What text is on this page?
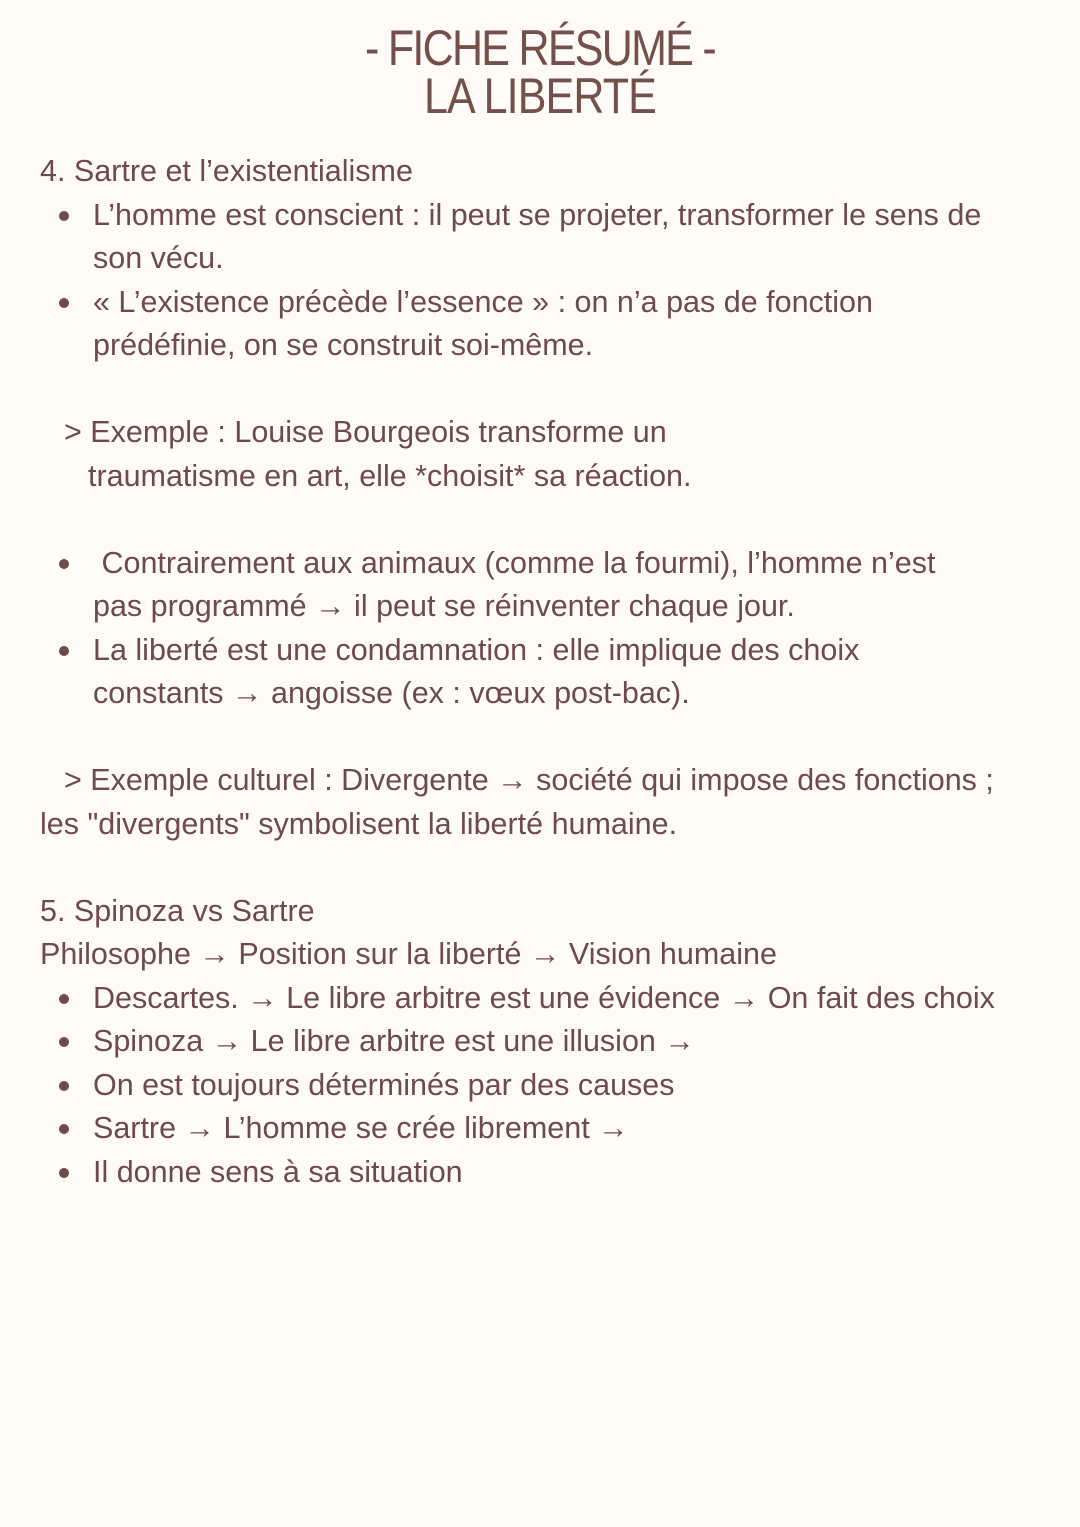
- FICHE RÉSUMÉ -
LA LIBERTÉ
4. Sartre et l’existentialisme
L’homme est conscient : il peut se projeter, transformer le sens de
son vécu.
« L’existence précède l’essence » : on n’a pas de fonction
prédéfinie, on se construit soi-même.
> Exemple : Louise Bourgeois transforme un
traumatisme en art, elle *choisit* sa réaction.
Contrairement aux animaux (comme la fourmi), l’homme n’est
pas programmé → il peut se réinventer chaque jour.
La liberté est une condamnation : elle implique des choix
constants → angoisse (ex : vœux post-bac).
> Exemple culturel : Divergente → société qui impose des fonctions ;
les "divergents" symbolisent la liberté humaine.
5. Spinoza vs Sartre
Philosophe → Position sur la liberté → Vision humaine
Descartes. → Le libre arbitre est une évidence → On fait des choix
Spinoza → Le libre arbitre est une illusion →
On est toujours déterminés par des causes
Sartre → L’homme se crée librement →
Il donne sens à sa situation
